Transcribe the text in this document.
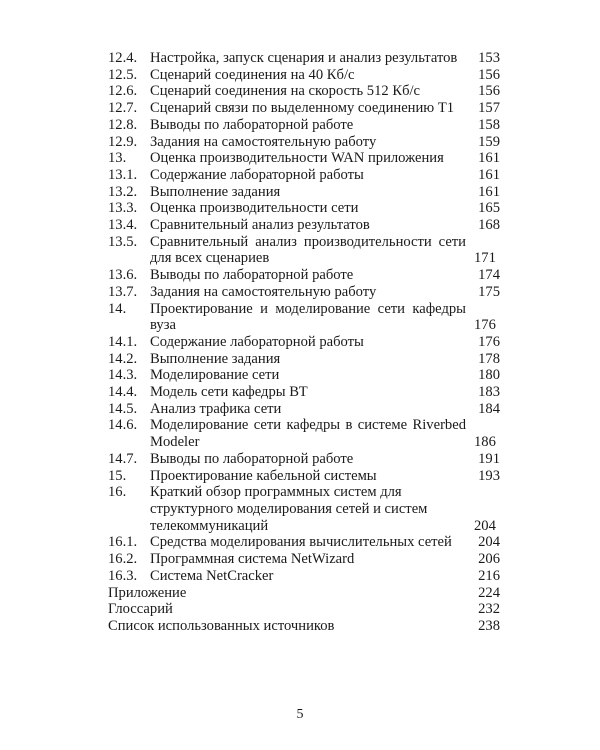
12.4. Настройка, запуск сценария и анализ результатов	153
12.5. Сценарий соединения на 40 Кб/с	156
12.6. Сценарий соединения на скорость 512 Кб/с	156
12.7. Сценарий связи по выделенному соединению Т1	157
12.8. Выводы по лабораторной работе	158
12.9. Задания на самостоятельную работу	159
13.	Оценка производительности WAN приложения	161
13.1. Содержание лабораторной работы	161
13.2. Выполнение задания	161
13.3. Оценка производительности сети	165
13.4. Сравнительный анализ результатов	168
13.5. Сравнительный анализ производительности сети
для всех сценариев	171
13.6. Выводы по лабораторной работе	174
13.7. Задания на самостоятельную работу	175
14.	Проектирование и моделирование сети кафедры
вуза	176
14.1. Содержание лабораторной работы	176
14.2. Выполнение задания	178
14.3. Моделирование сети	180
14.4. Модель сети кафедры ВТ	183
14.5. Анализ трафика сети	184
14.6. Моделирование сети кафедры в системе Riverbed
Modeler	186
14.7. Выводы по лабораторной работе	191
15.	Проектирование кабельной системы	193
16.	Краткий обзор программных систем для
структурного моделирования сетей и систем
телекоммуникаций	204
16.1. Средства моделирования вычислительных сетей	204
16.2. Программная система NetWizard	206
16.3. Система NetCracker	216
Приложение	224
Глоссарий	232
Список использованных источников	238
5
